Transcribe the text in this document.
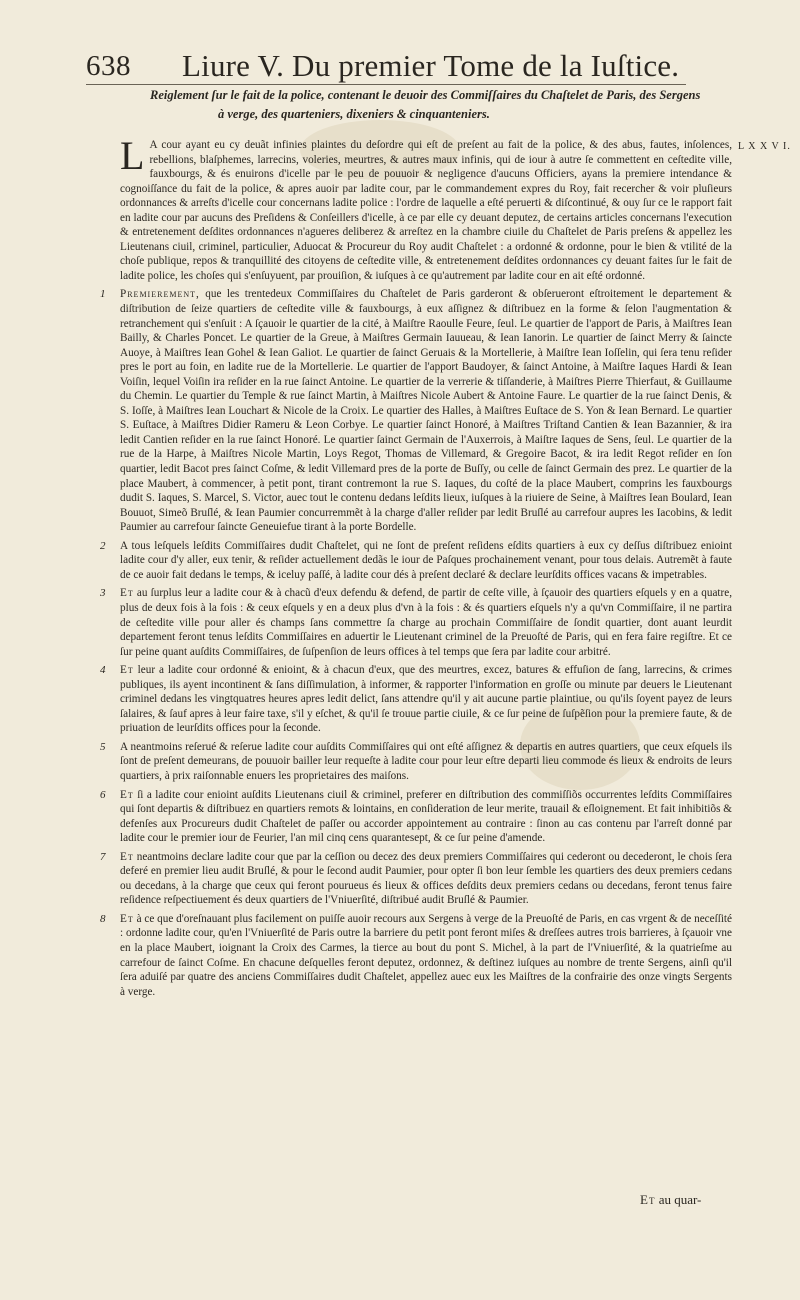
638 Liure V. Du premier Tome de la Iuſtice.
Reiglement ſur le fait de la police, contenant le deuoir des Commiſſaires du Chaſtelet de Paris, des Sergens
à verge, des quarteniers, dixeniers & cinquanteniers.
L X X V I.

L A cour ayant eu cy deuãt infinies plaintes du deſordre qui eſt de preſent au fait de la police, & des abus, fautes, inſolences, rebellions, blaſphemes, larrecins, voleries, meurtres, & autres maux infinis, qui de iour à autre ſe commettent en ceſtedite ville, fauxbourgs, & és enuirons d'icelle par le peu de pouuoir & negligence d'aucuns Officiers, ayans la premiere intendance & cognoiſſance du fait de la police, & apres auoir par ladite cour, par le commandement expres du Roy, fait recercher & voir pluſieurs ordonnances & arreſts d'icelle cour concernans ladite police : l'ordre de laquelle a eſté peruerti & diſcontinué, & ouy ſur ce le rapport fait en ladite cour par aucuns des Preſidens & Conſeillers d'icelle, à ce par elle cy deuant deputez, de certains articles concernans l'execution & entretenement deſdites ordonnances n'agueres deliberez & arreſtez en la chambre ciuile du Chaſtelet de Paris preſens & appellez les Lieutenans ciuil, criminel, particulier, Aduocat & Procureur du Roy audit Chaſtelet : a ordonné & ordonne, pour le bien & vtilité de la choſe publique, repos & tranquillité des citoyens de ceſtedite ville, & entretenement deſdites ordonnances cy deuant faites ſur le fait de ladite police, les choſes qui s'enſuyuent, par prouiſion, & iuſques à ce qu'autrement par ladite cour en ait eſté ordonné.

1 Premierement, que les trentedeux Commiſſaires du Chaſtelet de Paris garderont & obſerueront eſtroitement le departement & diſtribution de ſeize quartiers de ceſtedite ville & fauxbourgs, à eux aſſignez & diſtribuez en la forme & ſelon l'augmentation & retranchement qui s'enſuit : A ſçauoir le quartier de la cité, à Maiſtre Raoulle Feure, ſeul. Le quartier de l'apport de Paris, à Maiſtres Iean Bailly, & Charles Poncet. Le quartier de la Greue, à Maiſtres Germain Iauueau, & Iean Ianorin. Le quartier de ſainct Merry & ſaincte Auoye, à Maiſtres Iean Gohel & Iean Galiot. Le quartier de ſainct Geruais & la Mortellerie, à Maiſtre Iean Ioſſelin, qui ſera tenu reſider pres le port au foin, en ladite rue de la Mortellerie. Le quartier de l'apport Baudoyer, & ſainct Antoine, à Maiſtre Iaques Hardi & Iean Voiſin, lequel Voiſin ira reſider en la rue ſainct Antoine. Le quartier de la verrerie & tiſſanderie, à Maiſtres Pierre Thierfaut, & Guillaume du Chemin. Le quartier du Temple & rue ſainct Martin, à Maiſtres Nicole Aubert & Antoine Faure. Le quartier de la rue ſainct Denis, & S. Ioſſe, à Maiſtres Iean Louchart & Nicole de la Croix. Le quartier des Halles, à Maiſtres Euſtace de S. Yon & Iean Bernard. Le quartier S. Euſtace, à Maiſtres Didier Rameru & Leon Corbye. Le quartier ſainct Honoré, à Maiſtres Triſtand Cantien & Iean Bazannier, & ira ledit Cantien reſider en la rue ſainct Honoré. Le quartier ſainct Germain de l'Auxerrois, à Maiſtre Iaques de Sens, ſeul. Le quartier de la rue de la Harpe, à Maiſtres Nicole Martin, Loys Regot, Thomas de Villemard, & Gregoire Bacot, & ira ledit Regot reſider en ſon quartier, ledit Bacot pres ſainct Coſme, & ledit Villemard pres de la porte de Buſſy, ou celle de ſainct Germain des prez. Le quartier de la place Maubert, à commencer, à petit pont, tirant contremont la rue S. Iaques, du coſté de la place Maubert, comprins les fauxbourgs dudit S. Iaques, S. Marcel, S. Victor, auec tout le contenu dedans leſdits lieux, iuſques à la riuiere de Seine, à Maiſtres Iean Boulard, Iean Bouuot, Simeõ Bruſlé, & Iean Paumier concurremmẽt à la charge d'aller reſider par ledit Bruſlé au carrefour aupres les Iacobins, & ledit Paumier au carrefour ſaincte Geneuiefue tirant à la porte Bordelle.

2 A tous leſquels leſdits Commiſſaires dudit Chaſtelet, qui ne ſont de preſent reſidens eſdits quartiers à eux cy deſſus diſtribuez enioint ladite cour d'y aller, eux tenir, & reſider actuellement dedãs le iour de Paſques prochainement venant, pour tous delais. Autremẽt à faute de ce auoir fait dedans le temps, & iceluy paſſé, à ladite cour dés à preſent declaré & declare leurſdits offices vacans & impetrables.

3 Et au ſurplus leur a ladite cour & à chacũ d'eux defendu & defend, de partir de ceſte ville, à ſçauoir des quartiers eſquels y en a quatre, plus de deux fois à la fois : & ceux eſquels y en a deux plus d'vn à la fois : & és quartiers eſquels n'y a qu'vn Commiſſaire, il ne partira de ceſtedite ville pour aller és champs ſans commettre ſa charge au prochain Commiſſaire de ſondit quartier, dont auant leurdit departement feront tenus leſdits Commiſſaires en aduertir le Lieutenant criminel de la Preuoſté de Paris, qui en fera faire regiſtre. Et ce ſur peine quant auſdits Commiſſaires, de ſuſpenſion de leurs offices à tel temps que ſera par ladite cour arbitré.

4 Et leur a ladite cour ordonné & enioint, & à chacun d'eux, que des meurtres, excez, batures & effuſion de ſang, larrecins, & crimes publiques, ils ayent incontinent & ſans diſſimulation, à informer, & rapporter l'information en groſſe ou minute par deuers le Lieutenant criminel dedans les vingtquatres heures apres ledit delict, ſans attendre qu'il y ait aucune partie plaintiue, ou qu'ils ſoyent payez de leurs ſalaires, & ſauf apres à leur faire taxe, s'il y eſchet, & qu'il ſe trouue partie ciuile, & ce ſur peine de ſuſpẽſion pour la premiere faute, & de priuation de leurſdits offices pour la ſeconde.

5 A neantmoins reſerué & reſerue ladite cour auſdits Commiſſaires qui ont eſté aſſignez & departis en autres quartiers, que ceux eſquels ils ſont de preſent demeurans, de pouuoir bailler leur requeſte à ladite cour pour leur eſtre departi lieu commode és lieux & endroits de leurs quartiers, à prix raiſonnable enuers les proprietaires des maiſons.

6 Et ſi a ladite cour enioint auſdits Lieutenans ciuil & criminel, preferer en diſtribution des commiſſiõs occurrentes leſdits Commiſſaires qui ſont departis & diſtribuez en quartiers remots & lointains, en conſideration de leur merite, trauail & eſloignement. Et fait inhibitiõs & defenſes aux Procureurs dudit Chaſtelet de paſſer ou accorder appointement au contraire : ſinon au cas contenu par l'arreſt donné par ladite cour le premier iour de Feurier, l'an mil cinq cens quarantesept, & ce ſur peine d'amende.

7 Et neantmoins declare ladite cour que par la ceſſion ou decez des deux premiers Commiſſaires qui cederont ou decederont, le chois ſera deferé en premier lieu audit Bruſlé, & pour le ſecond audit Paumier, pour opter ſi bon leur ſemble les quartiers des deux premiers cedans ou decedans, à la charge que ceux qui feront pourueus és lieux & offices deſdits deux premiers cedans ou decedans, feront tenus faire reſidence reſpectiuement és deux quartiers de l'Vniuerſité, diſtribué audit Bruſlé & Paumier.

8 Et à ce que d'oreſnauant plus facilement on puiſſe auoir recours aux Sergens à verge de la Preuoſté de Paris, en cas vrgent & de neceſſité : ordonne ladite cour, qu'en l'Vniuerſité de Paris outre la barriere du petit pont feront miſes & dreſſees autres trois barrieres, à ſçauoir vne en la place Maubert, ioignant la Croix des Carmes, la tierce au bout du pont S. Michel, à la part de l'Vniuerſité, & la quatrieſme au carrefour de ſainct Coſme. En chacune deſquelles feront deputez, ordonnez, & deſtinez iuſques au nombre de trente Sergens, ainſi qu'il ſera aduiſé par quatre des anciens Commiſſaires dudit Chaſtelet, appellez auec eux les Maiſtres de la confrairie des onze vingts Sergents à verge.

Et au quar-
